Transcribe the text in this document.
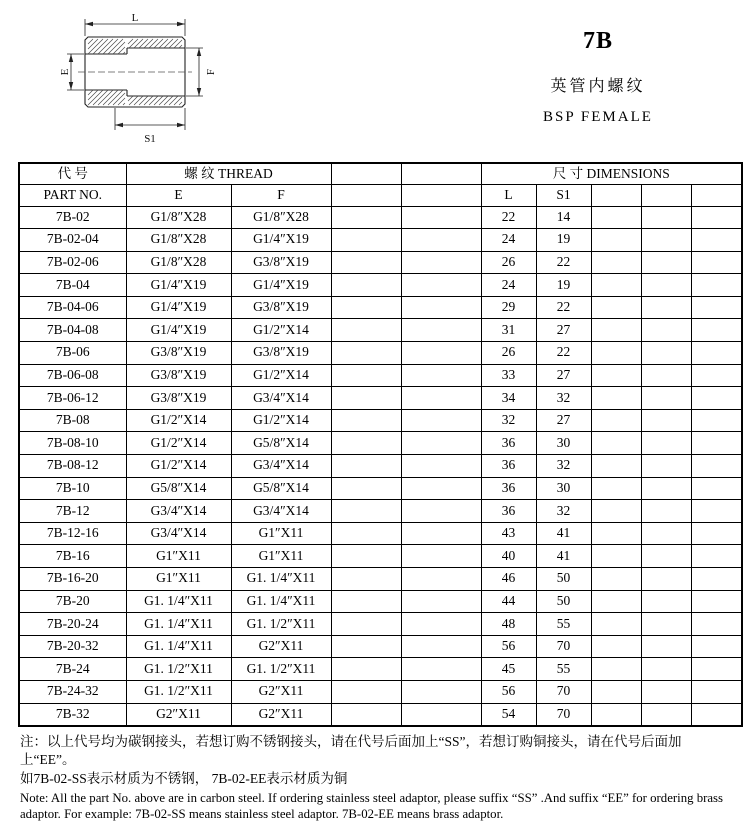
L
E	F
S1
7B
英管内螺纹
BSP FEMALE
代 号	螺 纹 THREAD				尺 寸 DIMENSIONS				
PART NO.	E	F			L	S1			
7B-02	G1/8″X28	G1/8″X28			22	14			
7B-02-04	G1/8″X28	G1/4″X19			24	19			
7B-02-06	G1/8″X28	G3/8″X19			26	22			
7B-04	G1/4″X19	G1/4″X19			24	19			
7B-04-06	G1/4″X19	G3/8″X19			29	22			
7B-04-08	G1/4″X19	G1/2″X14			31	27			
7B-06	G3/8″X19	G3/8″X19			26	22			
7B-06-08	G3/8″X19	G1/2″X14			33	27			
7B-06-12	G3/8″X19	G3/4″X14			34	32			
7B-08	G1/2″X14	G1/2″X14			32	27			
7B-08-10	G1/2″X14	G5/8″X14			36	30			
7B-08-12	G1/2″X14	G3/4″X14			36	32			
7B-10	G5/8″X14	G5/8″X14			36	30			
7B-12	G3/4″X14	G3/4″X14			36	32			
7B-12-16	G3/4″X14	G1″X11			43	41			
7B-16	G1″X11	G1″X11			40	41			
7B-16-20	G1″X11	G1. 1/4″X11			46	50			
7B-20	G1. 1/4″X11	G1. 1/4″X11			44	50			
7B-20-24	G1. 1/4″X11	G1. 1/2″X11			48	55			
7B-20-32	G1. 1/4″X11	G2″X11			56	70			
7B-24	G1. 1/2″X11	G1. 1/2″X11			45	55			
7B-24-32	G1. 1/2″X11	G2″X11			56	70			
7B-32	G2″X11	G2″X11			54	70			

注：以上代号均为碳钢接头，若想订购不锈钢接头，请在代号后面加上“SS”，若想订购铜接头，请在代号后面加上“EE”。

如7B-02-SS表示材质为不锈钢， 7B-02-EE表示材质为铜

Note: All the part No. above are in carbon steel. If ordering stainless steel adaptor, please suffix “SS” .And suffix “EE” for ordering brass adaptor. For example: 7B-02-SS means stainless steel adaptor. 7B-02-EE means brass adaptor.
